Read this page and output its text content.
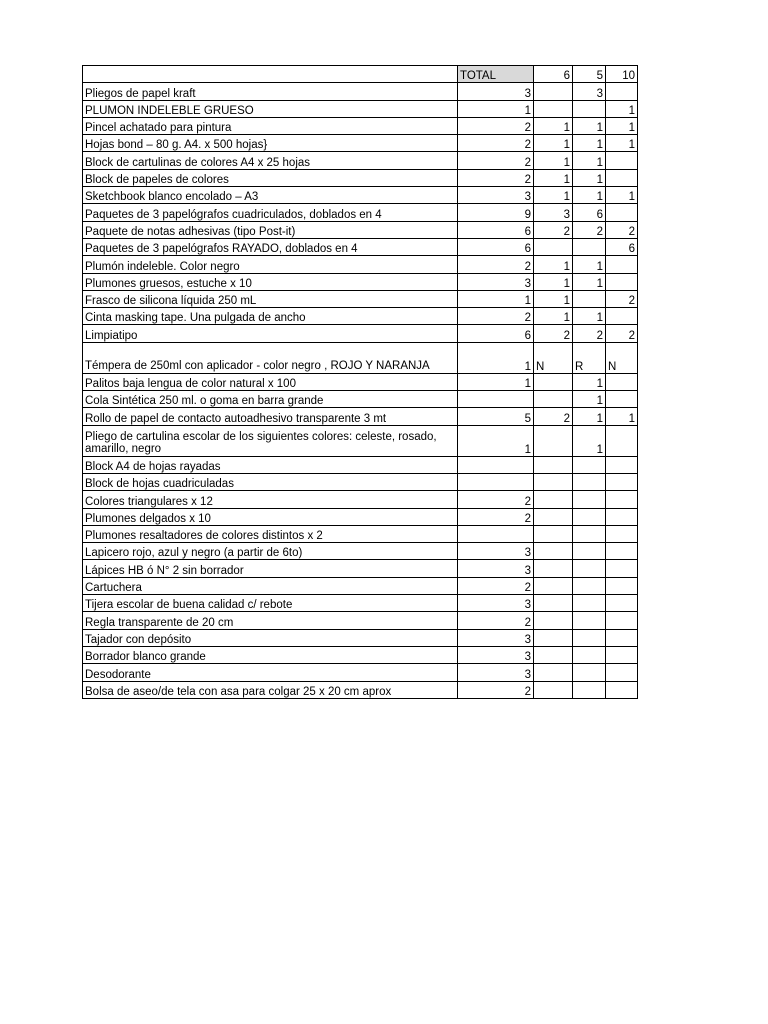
	TOTAL	6	5	10
Pliegos de papel kraft	3		3	
PLUMON INDELEBLE GRUESO	1			1
Pincel achatado para pintura	2	1	1	1
Hojas bond – 80 g. A4. x 500 hojas}	2	1	1	1
Block de cartulinas de colores A4 x 25 hojas	2	1	1	
Block de papeles de colores	2	1	1	
Sketchbook blanco encolado – A3	3	1	1	1
Paquetes de 3 papelógrafos cuadriculados, doblados en 4	9	3	6	
Paquete de notas adhesivas (tipo Post-it)	6	2	2	2
Paquetes de 3 papelógrafos RAYADO, doblados en 4	6			6
Plumón indeleble. Color negro	2	1	1	
Plumones gruesos, estuche x 10	3	1	1	
Frasco de silicona líquida 250 mL	1	1		2
Cinta masking tape. Una pulgada de ancho	2	1	1	
Limpiatipo	6	2	2	2
Témpera de 250ml con aplicador - color negro , ROJO Y NARANJA	1	N	R	N
Palitos baja lengua de color natural x 100	1		1	
Cola Sintética 250 ml. o goma en barra grande			1	
Rollo de papel de contacto autoadhesivo transparente 3 mt	5	2	1	1
Pliego de cartulina escolar de los siguientes colores: celeste, rosado, amarillo, negro	1		1	
Block A4 de hojas rayadas				
Block de hojas cuadriculadas				
Colores triangulares x 12	2			
Plumones delgados x 10	2			
Plumones resaltadores de colores distintos x 2				
Lapicero rojo, azul y negro (a partir de 6to)	3			
Lápices HB ó N° 2 sin borrador	3			
Cartuchera	2			
Tijera escolar de buena calidad c/ rebote	3			
Regla transparente de 20 cm	2			
Tajador con depósito	3			
Borrador blanco grande	3			
Desodorante	3			
Bolsa de aseo/de tela con asa para colgar 25 x 20 cm aprox	2			
